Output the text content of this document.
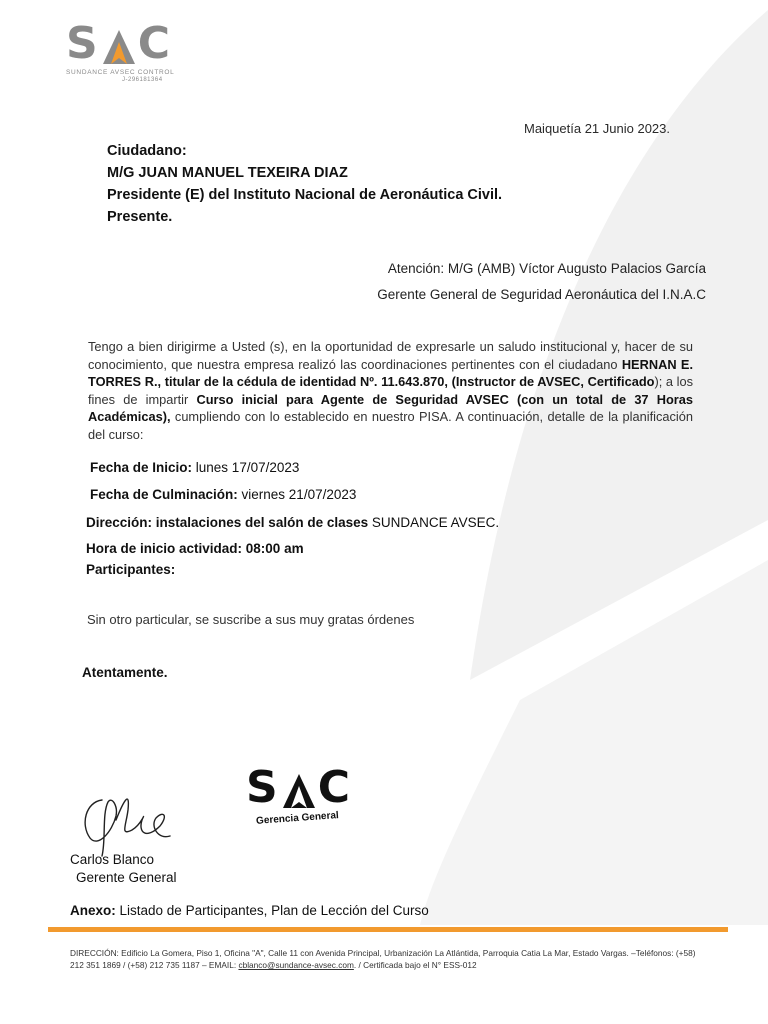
S C
SUNDANCE AVSEC CONTROL
J-296181364
Maiquetía 21 Junio 2023.
Ciudadano:
M/G JUAN MANUEL TEXEIRA DIAZ
Presidente (E) del Instituto Nacional de Aeronáutica Civil.
Presente.
Atención: M/G (AMB) Víctor Augusto Palacios García
Gerente General de Seguridad Aeronáutica del I.N.A.C
Tengo a bien dirigirme a Usted (s), en la oportunidad de expresarle un saludo institucional y, hacer de su conocimiento, que nuestra empresa realizó las coordinaciones pertinentes con el ciudadano HERNAN E. TORRES R., titular de la cédula de identidad Nº. 11.643.870, (Instructor de AVSEC, Certificado); a los fines de impartir Curso inicial para Agente de Seguridad AVSEC (con un total de 37 Horas Académicas), cumpliendo con lo establecido en nuestro PISA. A continuación, detalle de la planificación del curso:
Fecha de Inicio: lunes 17/07/2023
Fecha de Culminación: viernes 21/07/2023
Dirección: instalaciones del salón de clases SUNDANCE AVSEC.
Hora de inicio actividad: 08:00 am
Participantes:
Sin otro particular, se suscribe a sus muy gratas órdenes
Atentamente.
Carlos Blanco
Gerente General
S C
Gerencia General
Anexo: Listado de Participantes, Plan de Lección del Curso
DIRECCIÓN: Edificio La Gomera, Piso 1, Oficina "A", Calle 11 con Avenida Principal, Urbanización La Atlántida, Parroquia Catia La Mar, Estado Vargas. –Teléfonos: (+58) 212 351 1869 / (+58) 212 735 1187 – EMAIL: cblanco@sundance-avsec.com. / Certificada bajo el N° ESS-012
